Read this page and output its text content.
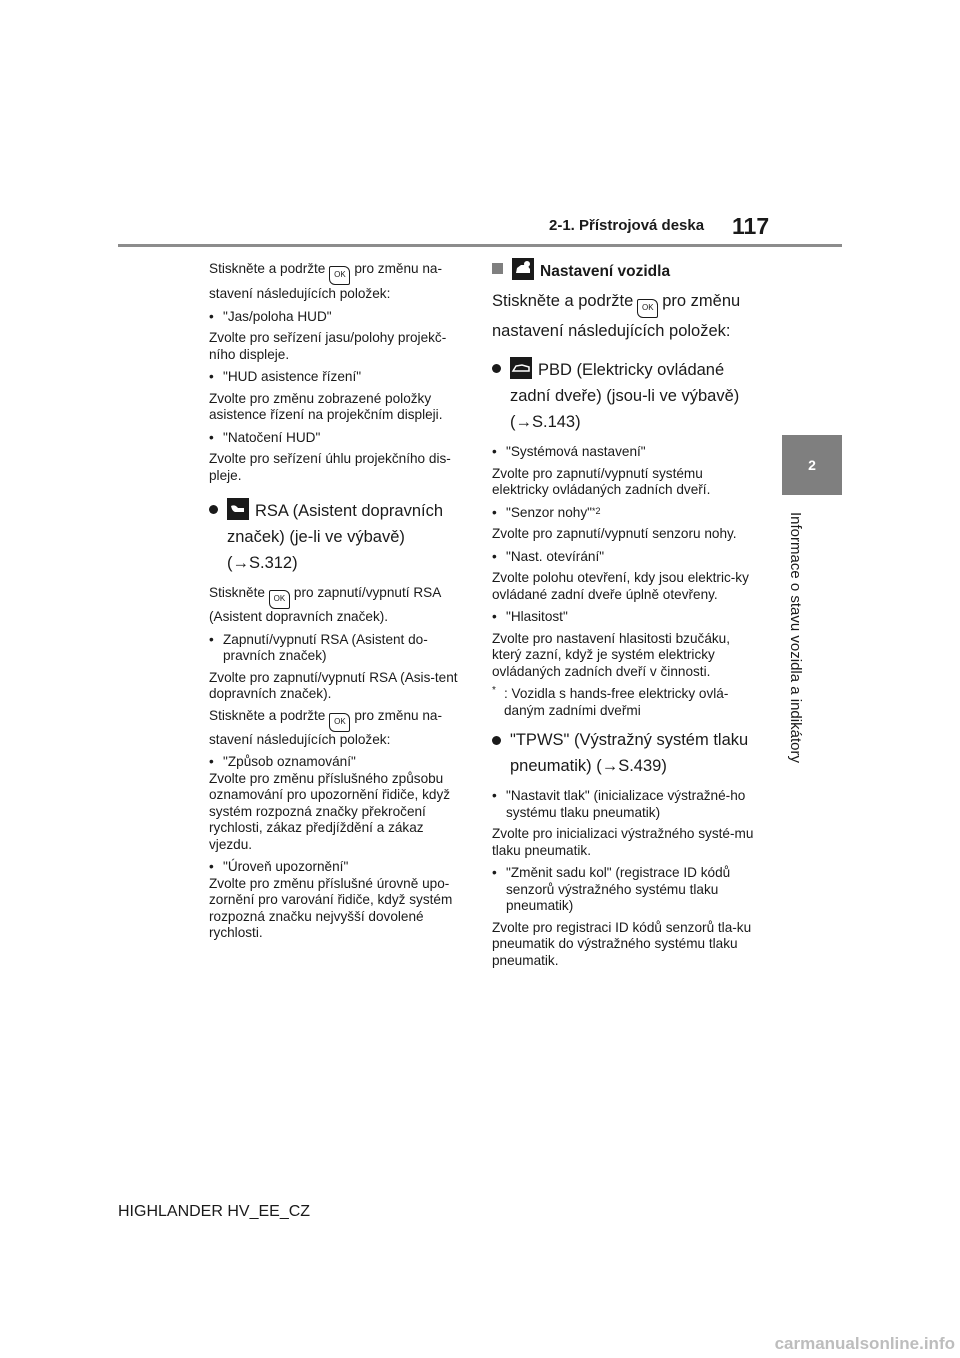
2-1. Přístrojová deska 117
2
Informace o stavu vozidla a indikátory

Stiskněte a podržte OK pro změnu na-

stavení následujících položek:

• "Jas/poloha HUD"

Zvolte pro seřízení jasu/polohy projekč-ního displeje.

• "HUD asistence řízení"

Zvolte pro změnu zobrazené položky asistence řízení na projekčním displeji.

• "Natočení HUD"

Zvolte pro seřízení úhlu projekčního dis-pleje.

RSA (Asistent dopravních
značek) (je-li ve výbavě)
(→S.312)

Stiskněte OK pro zapnutí/vypnutí RSA (Asistent dopravních značek).

• Zapnutí/vypnutí RSA (Asistent do-pravních značek)

Zvolte pro zapnutí/vypnutí RSA (Asis-tent dopravních značek).

Stiskněte a podržte OK pro změnu na-

stavení následujících položek:

• "Způsob oznamování"

Zvolte pro změnu příslušného způsobu oznamování pro upozornění řidiče, když systém rozpozná značky překročení rychlosti, zákaz předjíždění a zákaz vjezdu.

• "Úroveň upozornění"

Zvolte pro změnu příslušné úrovně upo-zornění pro varování řidiče, když systém rozpozná značku nejvyšší dovolené rychlosti.

Nastavení vozidla

Stiskněte a podržte OK pro změnu

nastavení následujících položek:

PBD (Elektricky ovládané
zadní dveře) (jsou-li ve výbavě)
(→S.143)

• "Systémová nastavení"

Zvolte pro zapnutí/vypnutí systému elektricky ovládaných zadních dveří.

• "Senzor nohy"$^{*2}$

Zvolte pro zapnutí/vypnutí senzoru nohy.

• "Nast. otevírání"

Zvolte polohu otevření, kdy jsou elektric-ky ovládané zadní dveře úplně otevřeny.

• "Hlasitost"

Zvolte pro nastavení hlasitosti bzučáku, který zazní, když je systém elektricky ovládaných zadních dveří v činnosti.

* : Vozidla s hands-free elektricky ovlá-daným zadními dveřmi

"TPWS" (Výstražný systém tlaku
pneumatik) (→S.439)

• "Nastavit tlak" (inicializace výstražné-ho systému tlaku pneumatik)

Zvolte pro inicializaci výstražného systé-mu tlaku pneumatik.

• "Změnit sadu kol" (registrace ID kódů senzorů výstražného systému tlaku pneumatik)

Zvolte pro registraci ID kódů senzorů tla-ku pneumatik do výstražného systému tlaku pneumatik.

HIGHLANDER HV_EE_CZ
carmanualsonline.info
